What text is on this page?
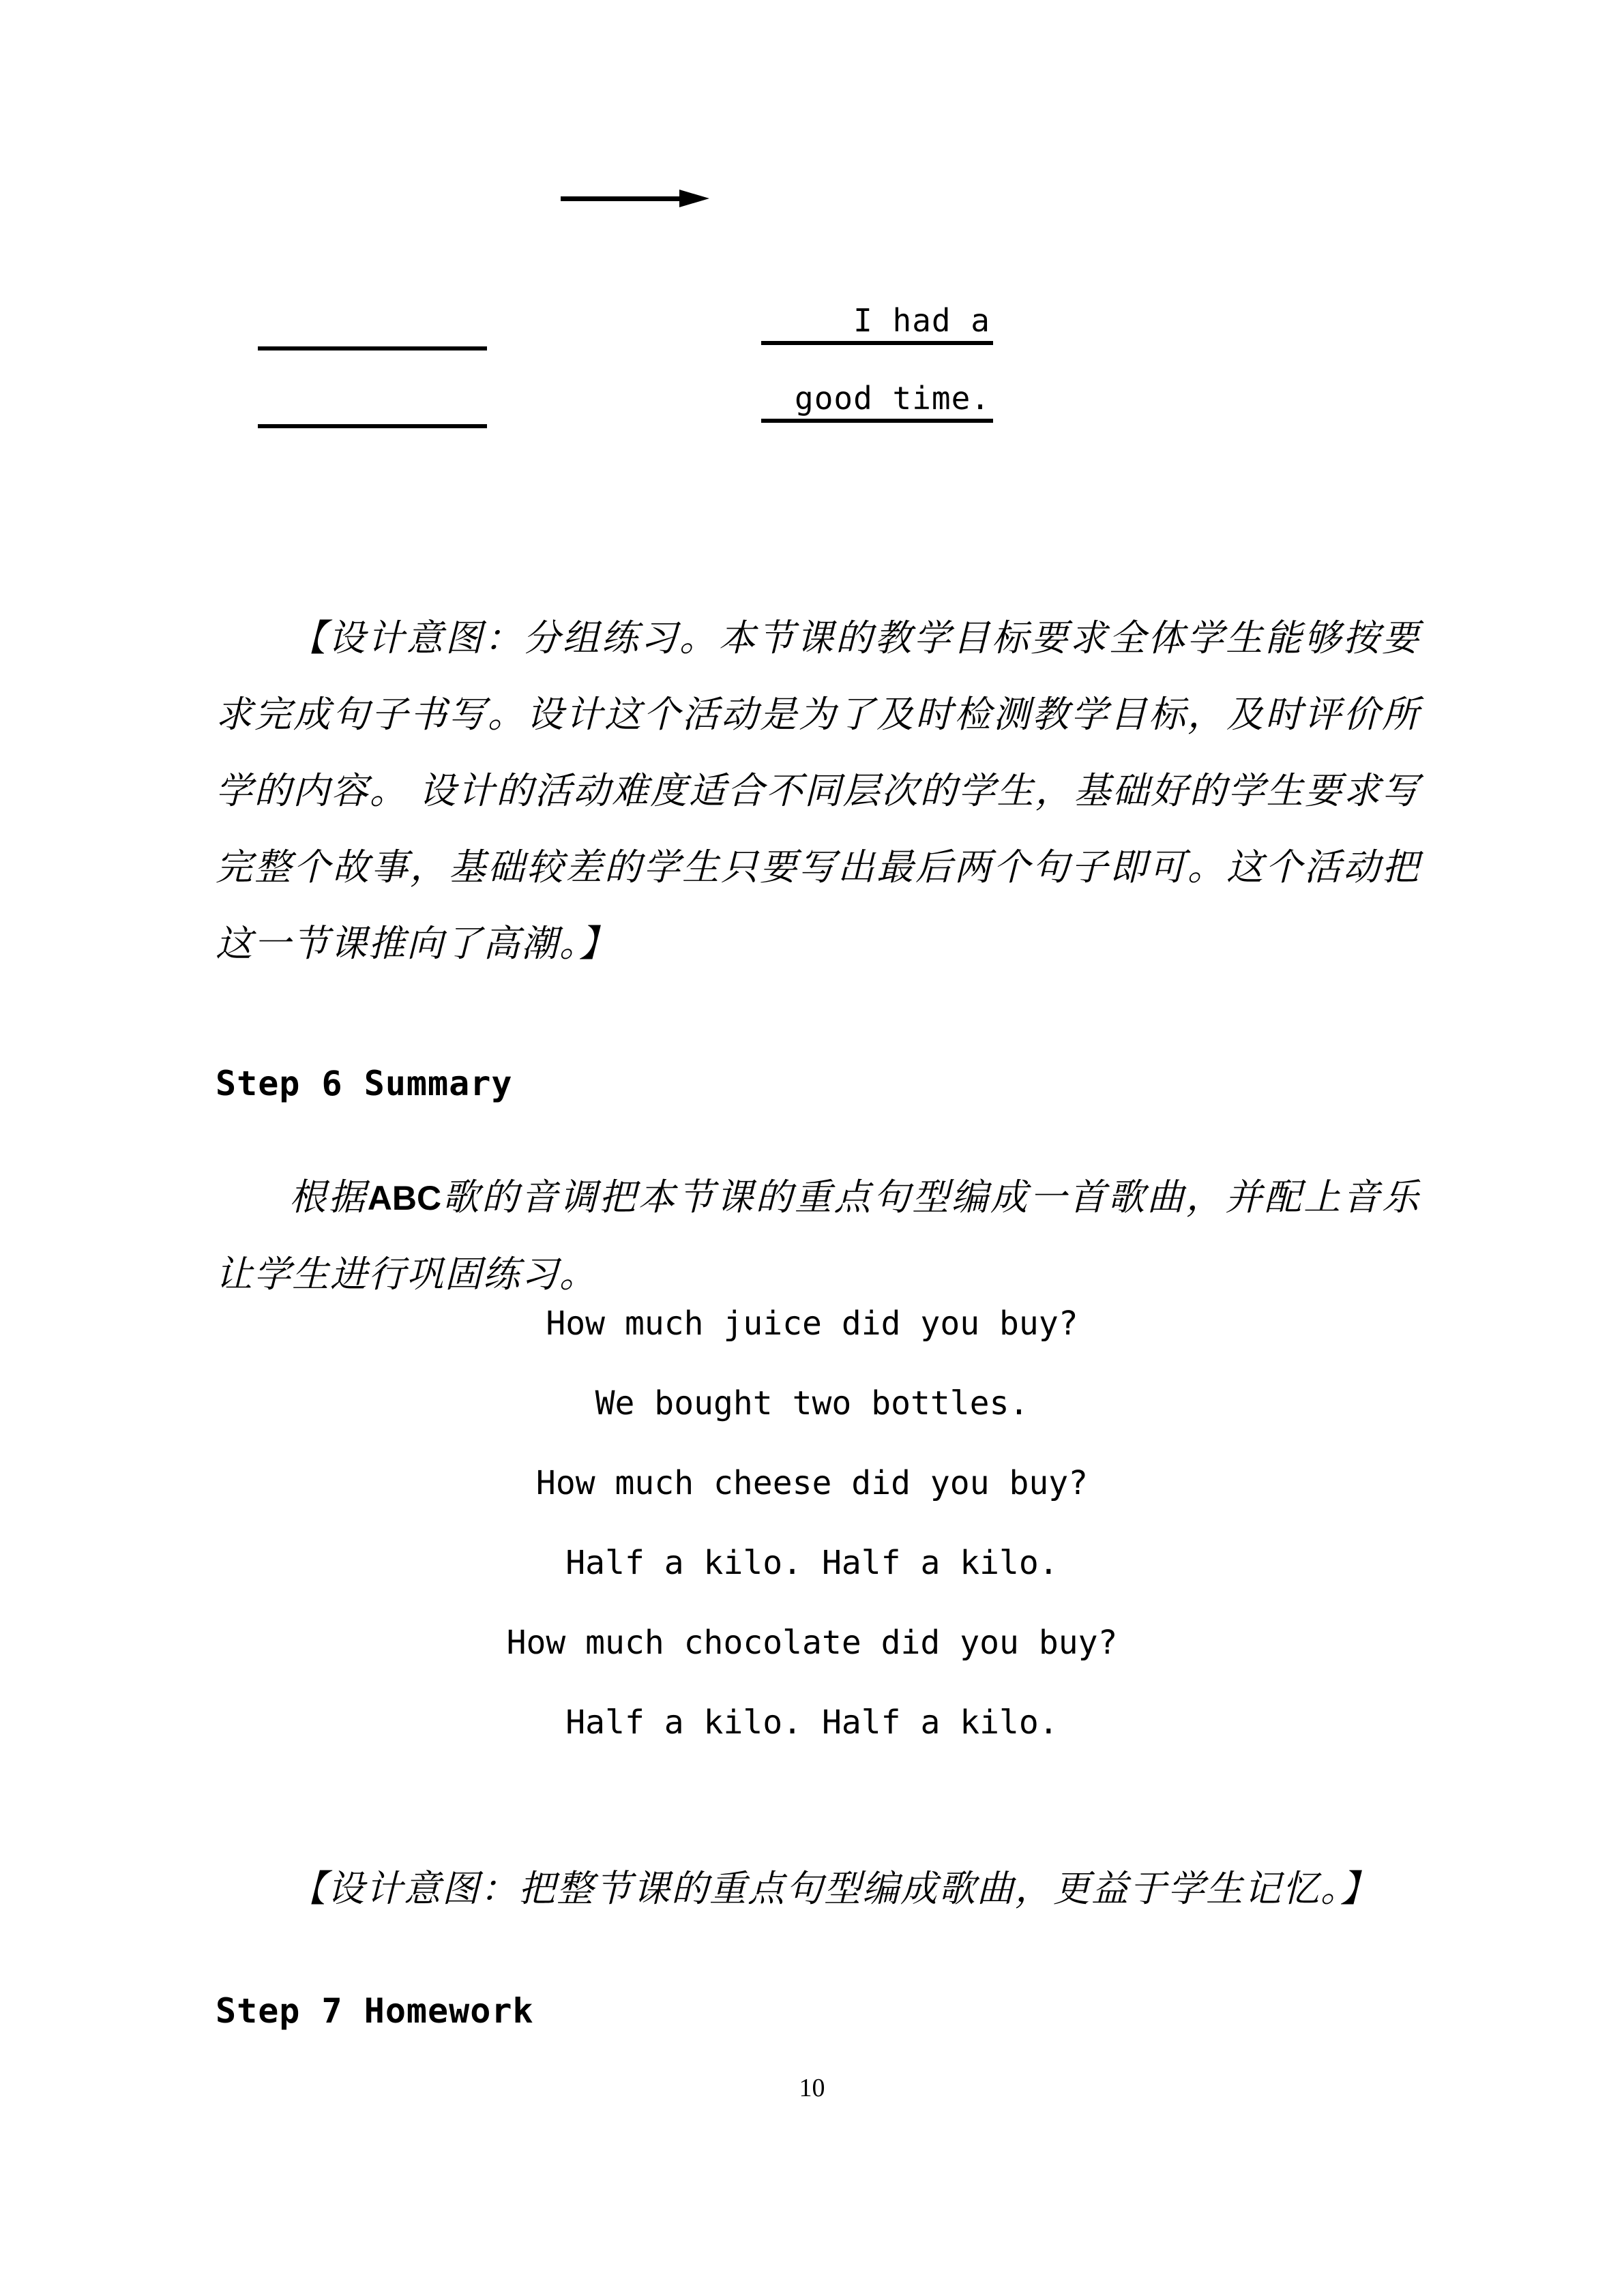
I had a
good time.

【设计意图：分组练习。本节课的教学目标要求全体学生能够按要求完成句子书写。设计这个活动是为了及时检测教学目标，及时评价所学的内容。 设计的活动难度适合不同层次的学生，基础好的学生要求写完整个故事，基础较差的学生只要写出最后两个句子即可。这个活动把这一节课推向了高潮。】

Step 6 Summary

根据ABC歌的音调把本节课的重点句型编成一首歌曲，并配上音乐让学生进行巩固练习。

How much juice did you buy?
We bought two bottles.
How much cheese did you buy?
Half a kilo. Half a kilo.
How much chocolate did you buy?
Half a kilo. Half a kilo.

【设计意图：把整节课的重点句型编成歌曲，更益于学生记忆。】

Step 7 Homework
10
